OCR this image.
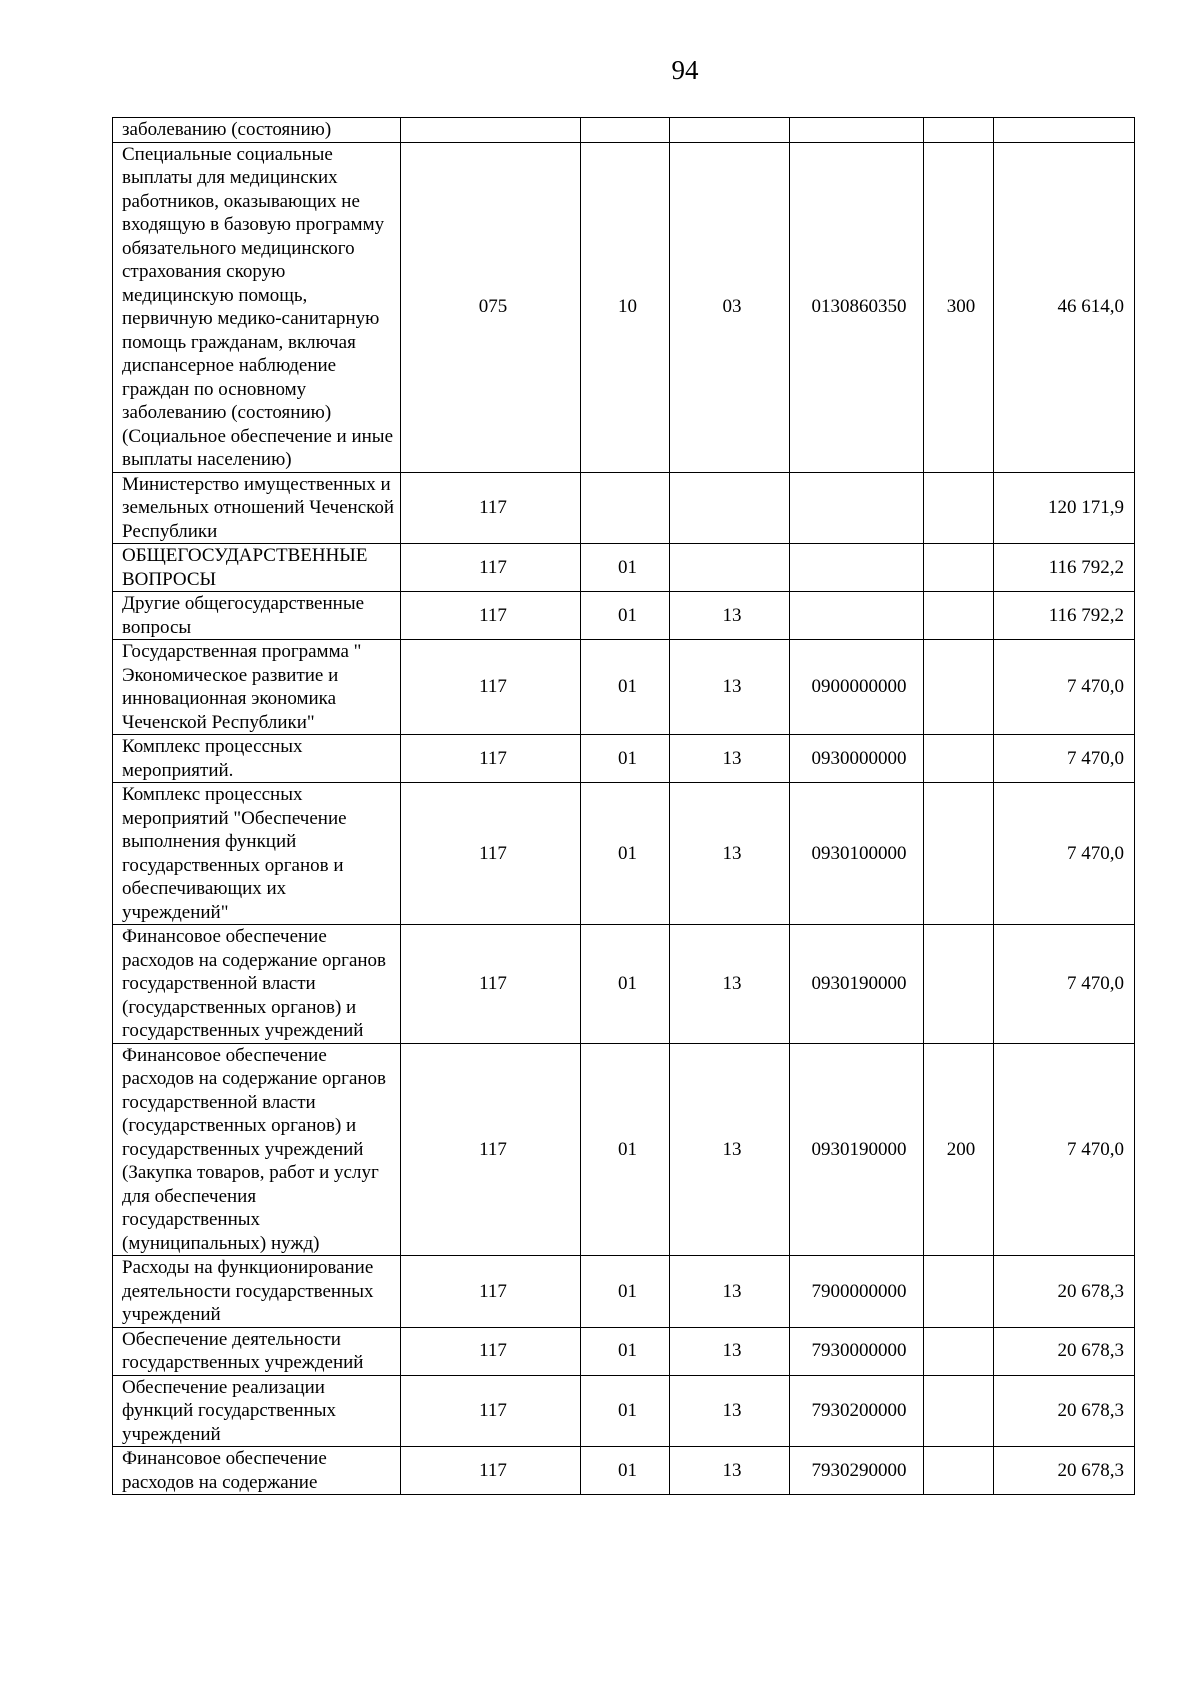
94
заболеванию (состоянию)						
Специальные социальные выплаты для медицинских работников, оказывающих не входящую в базовую программу обязательного медицинского страхования скорую медицинскую помощь, первичную медико-санитарную помощь гражданам, включая диспансерное наблюдение граждан по основному заболеванию (состоянию) (Социальное обеспечение и иные выплаты населению)	075	10	03	0130860350	300	46 614,0
Министерство имущественных и земельных отношений Чеченской Республики	117					120 171,9
ОБЩЕГОСУДАРСТВЕННЫЕ ВОПРОСЫ	117	01				116 792,2
Другие общегосударственные вопросы	117	01	13			116 792,2
Государственная программа " Экономическое развитие и инновационная экономика Чеченской Республики"	117	01	13	0900000000		7 470,0
Комплекс процессных мероприятий.	117	01	13	0930000000		7 470,0
Комплекс процессных мероприятий "Обеспечение выполнения функций государственных органов и обеспечивающих их учреждений"	117	01	13	0930100000		7 470,0
Финансовое обеспечение расходов на содержание органов государственной власти (государственных органов) и государственных учреждений	117	01	13	0930190000		7 470,0
Финансовое обеспечение расходов на содержание органов государственной власти (государственных органов) и государственных учреждений (Закупка товаров, работ и услуг для обеспечения государственных (муниципальных) нужд)	117	01	13	0930190000	200	7 470,0
Расходы на функционирование деятельности государственных учреждений	117	01	13	7900000000		20 678,3
Обеспечение деятельности государственных учреждений	117	01	13	7930000000		20 678,3
Обеспечение реализации функций государственных учреждений	117	01	13	7930200000		20 678,3
Финансовое обеспечение расходов на содержание	117	01	13	7930290000		20 678,3
